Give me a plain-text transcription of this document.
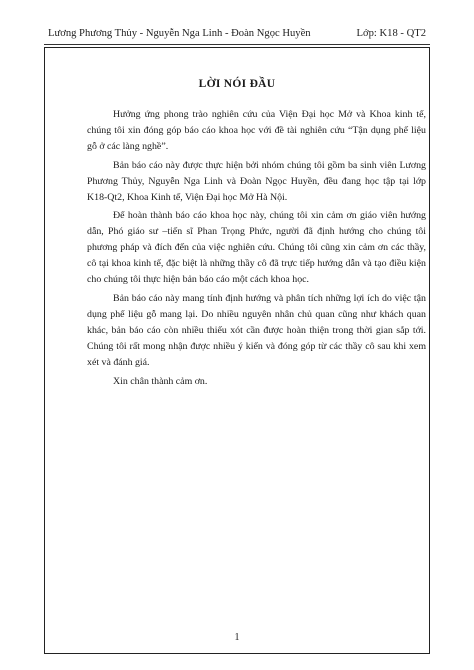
Lương Phương Thủy - Nguyễn Nga Linh - Đoàn Ngọc Huyền	Lớp: K18 - QT2
LỜI NÓI ĐẦU

Hưởng ứng phong trào nghiên cứu của Viện Đại học Mở và Khoa kinh tế, chúng tôi xin đóng góp báo cáo khoa học với đề tài nghiên cứu “Tận dụng phế liệu gỗ ở các làng nghề”.

Bản báo cáo này được thực hiện bởi nhóm chúng tôi gồm ba sinh viên Lương Phương Thủy, Nguyễn Nga Linh và Đoàn Ngọc Huyền, đều đang học tập tại lớp K18-Qt2, Khoa Kinh tế, Viện Đại học Mở Hà Nội.

Để hoàn thành báo cáo khoa học này, chúng tôi xin cảm ơn giáo viên hướng dẫn, Phó giáo sư –tiến sĩ Phan Trọng Phức, người đã định hướng cho chúng tôi phương pháp và đích đến của việc nghiên cứu. Chúng tôi cũng xin cảm ơn các thầy, cô tại khoa kinh tế, đặc biệt là những thầy cô đã trực tiếp hướng dẫn và tạo điều kiện cho chúng tôi thực hiện bản báo cáo một cách khoa học.

Bản báo cáo này mang tính định hướng và phân tích những lợi ích do việc tận dụng phế liệu gỗ mang lại. Do nhiều nguyên nhân chủ quan cũng như khách quan khác, bản báo cáo còn nhiều thiếu xót cần được hoàn thiện trong thời gian sắp tới. Chúng tôi rất mong nhận được nhiều ý kiến và đóng góp từ các thầy cô sau khi xem xét và đánh giá.

Xin chân thành cảm ơn.

1
